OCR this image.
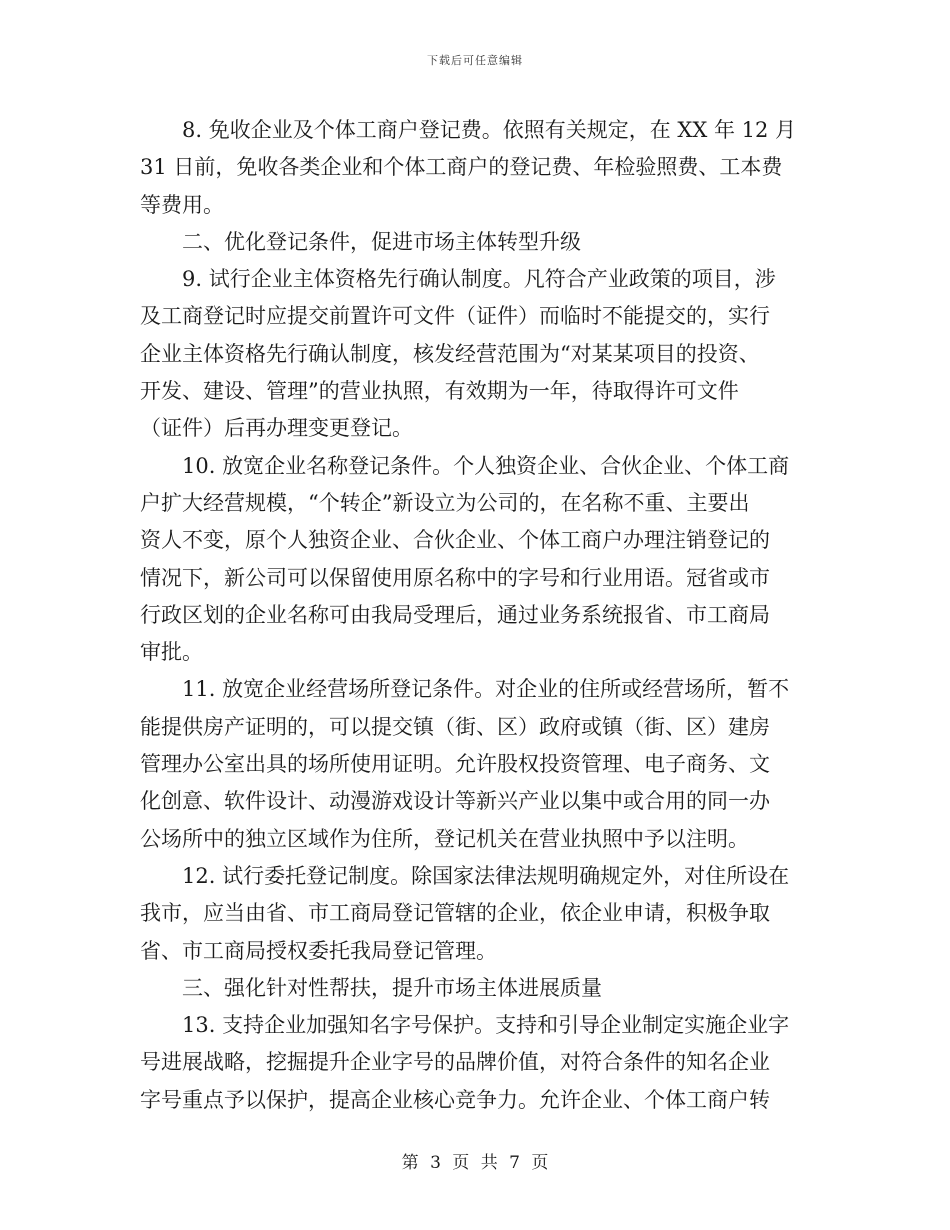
下载后可任意编辑
　　8. 免收企业及个体工商户登记费。依照有关规定，在 XX 年 12 月
31 日前，免收各类企业和个体工商户的登记费、年检验照费、工本费
等费用。
　　二、优化登记条件，促进市场主体转型升级
　　9. 试行企业主体资格先行确认制度。凡符合产业政策的项目，涉
及工商登记时应提交前置许可文件（证件）而临时不能提交的，实行
企业主体资格先行确认制度，核发经营范围为“对某某项目的投资、
开发、建设、管理”的营业执照，有效期为一年，待取得许可文件
（证件）后再办理变更登记。
　　10. 放宽企业名称登记条件。个人独资企业、合伙企业、个体工商
户扩大经营规模，“个转企”新设立为公司的，在名称不重、主要出
资人不变，原个人独资企业、合伙企业、个体工商户办理注销登记的
情况下，新公司可以保留使用原名称中的字号和行业用语。冠省或市
行政区划的企业名称可由我局受理后，通过业务系统报省、市工商局
审批。
　　11. 放宽企业经营场所登记条件。对企业的住所或经营场所，暂不
能提供房产证明的，可以提交镇（街、区）政府或镇（街、区）建房
管理办公室出具的场所使用证明。允许股权投资管理、电子商务、文
化创意、软件设计、动漫游戏设计等新兴产业以集中或合用的同一办
公场所中的独立区域作为住所，登记机关在营业执照中予以注明。
　　12. 试行委托登记制度。除国家法律法规明确规定外，对住所设在
我市，应当由省、市工商局登记管辖的企业，依企业申请，积极争取
省、市工商局授权委托我局登记管理。
　　三、强化针对性帮扶，提升市场主体进展质量
　　13. 支持企业加强知名字号保护。支持和引导企业制定实施企业字
号进展战略，挖掘提升企业字号的品牌价值，对符合条件的知名企业
字号重点予以保护，提高企业核心竞争力。允许企业、个体工商户转
第 3 页 共 7 页
